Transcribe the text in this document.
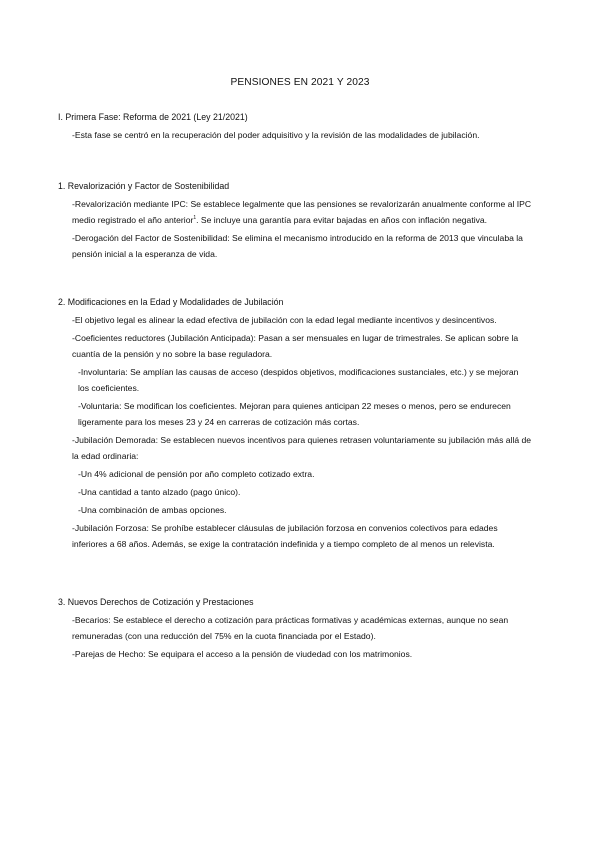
PENSIONES EN 2021 Y 2023

I. Primera Fase: Reforma de 2021 (Ley 21/2021)

-Esta fase se centró en la recuperación del poder adquisitivo y la revisión de las modalidades de jubilación.

1. Revalorización y Factor de Sostenibilidad

-Revalorización mediante IPC: Se establece legalmente que las pensiones se revalorizarán anualmente conforme al IPC medio registrado el año anterior$^1$. Se incluye una garantía para evitar bajadas en años con inflación negativa.

-Derogación del Factor de Sostenibilidad: Se elimina el mecanismo introducido en la reforma de 2013 que vinculaba la pensión inicial a la esperanza de vida.

2. Modificaciones en la Edad y Modalidades de Jubilación

-El objetivo legal es alinear la edad efectiva de jubilación con la edad legal mediante incentivos y desincentivos.

-Coeficientes reductores (Jubilación Anticipada): Pasan a ser mensuales en lugar de trimestrales. Se aplican sobre la cuantía de la pensión y no sobre la base reguladora.

-Involuntaria: Se amplían las causas de acceso (despidos objetivos, modificaciones sustanciales, etc.) y se mejoran los coeficientes.

-Voluntaria: Se modifican los coeficientes. Mejoran para quienes anticipan 22 meses o menos, pero se endurecen ligeramente para los meses 23 y 24 en carreras de cotización más cortas.

-Jubilación Demorada: Se establecen nuevos incentivos para quienes retrasen voluntariamente su jubilación más allá de la edad ordinaria:

-Un 4% adicional de pensión por año completo cotizado extra.

-Una cantidad a tanto alzado (pago único).

-Una combinación de ambas opciones.

-Jubilación Forzosa: Se prohíbe establecer cláusulas de jubilación forzosa en convenios colectivos para edades inferiores a 68 años. Además, se exige la contratación indefinida y a tiempo completo de al menos un relevista.

3. Nuevos Derechos de Cotización y Prestaciones

-Becarios: Se establece el derecho a cotización para prácticas formativas y académicas externas, aunque no sean remuneradas (con una reducción del 75% en la cuota financiada por el Estado).

-Parejas de Hecho: Se equipara el acceso a la pensión de viudedad con los matrimonios.
